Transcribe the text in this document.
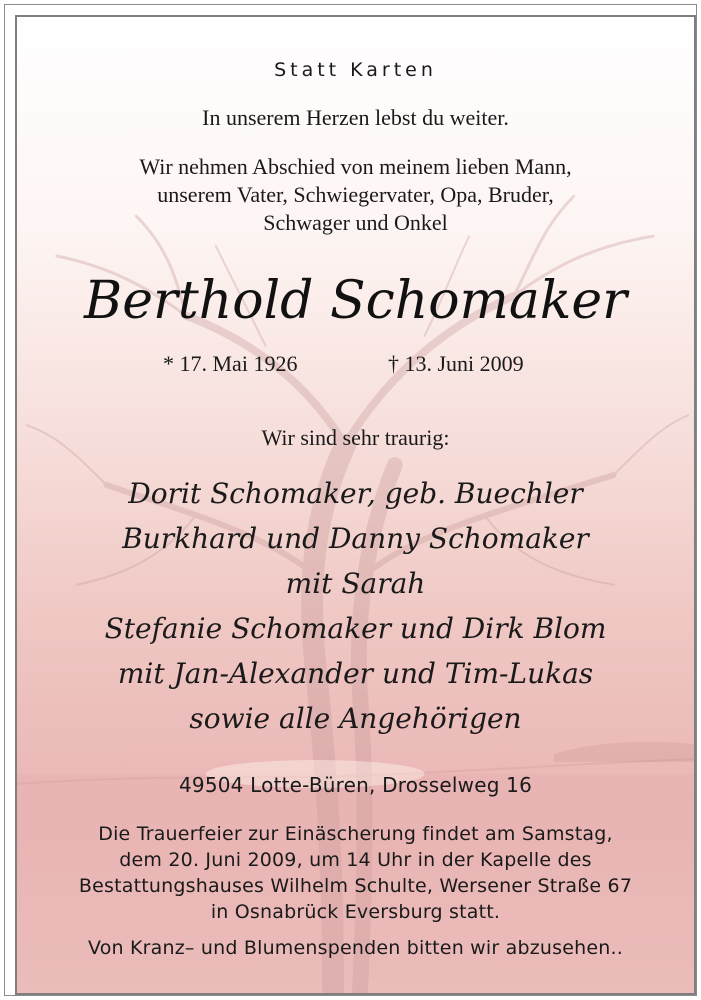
Statt Karten
In unserem Herzen lebst du weiter.
Wir nehmen Abschied von meinem lieben Mann,
unserem Vater, Schwiegervater, Opa, Bruder,
Schwager und Onkel
Berthold Schomaker
* 17. Mai 1926	† 13. Juni 2009
Wir sind sehr traurig:
Dorit Schomaker, geb. Buechler
Burkhard und Danny Schomaker
mit Sarah
Stefanie Schomaker und Dirk Blom
mit Jan-Alexander und Tim-Lukas
sowie alle Angehörigen
49504 Lotte-Büren, Drosselweg 16
Die Trauerfeier zur Einäscherung findet am Samstag,
dem 20. Juni 2009, um 14 Uhr in der Kapelle des
Bestattungshauses Wilhelm Schulte, Wersener Straße 67
in Osnabrück Eversburg statt.
Von Kranz– und Blumenspenden bitten wir abzusehen..
